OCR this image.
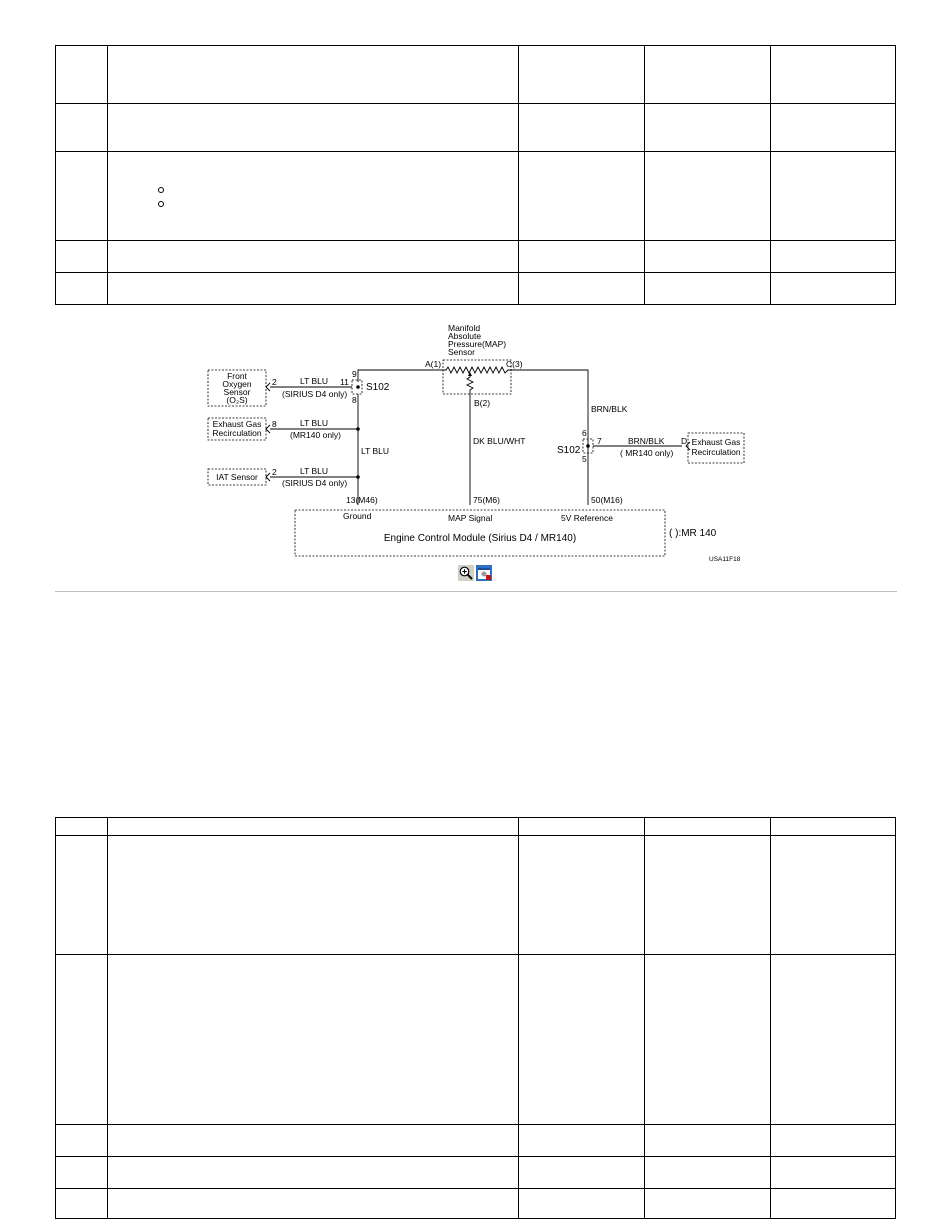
Manifold
Absolute
Pressure(MAP)
Sensor
A(1)
B(2)
C(3)
9
11
8
S102
LT BLU
Front
Oxygen
Sensor
(O₂S)
2	LT BLU
(SIRIUS D4 only)
Exhaust Gas
Recirculation
8	LT BLU
(MR140 only)
IAT Sensor 2	LT BLU
(SIRIUS D4 only)
DK BLU/WHT
BRN/BLK
6
7
5
S102
BRN/BLK
( MR140 only)
D Exhaust Gas
Recirculation
13(M46)	75(M6)	50(M16)
Ground	MAP Signal	5V Reference
Engine Control Module (Sirius D4 / MR140)	( ):MR 140
USA11F18
